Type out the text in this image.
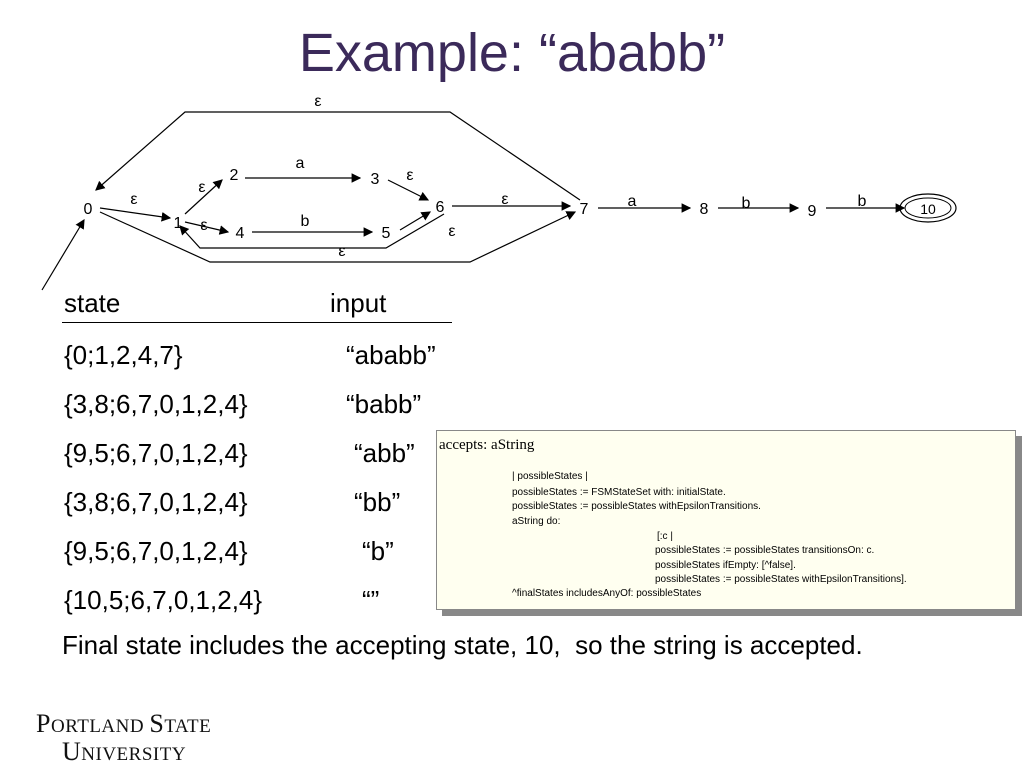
Example: “ababb”
0
1
2	3
4	5
6	7	8	9	10
ε
ε
ε
ε
a
b
ε
ε
ε
ε	a	b	b
state	input
{0;1,2,4,7}	“ababb”
{3,8;6,7,0,1,2,4}	“babb”
{9,5;6,7,0,1,2,4}	“abb”
{3,8;6,7,0,1,2,4}	“bb”
{9,5;6,7,0,1,2,4}	“b”
{10,5;6,7,0,1,2,4}	“”
accepts: aString
| possibleStates |
possibleStates := FSMStateSet with: initialState.
possibleStates := possibleStates withEpsilonTransitions.
aString do:
[:c |
possibleStates := possibleStates transitionsOn: c.
possibleStates ifEmpty: [^false].
possibleStates := possibleStates withEpsilonTransitions].
^finalStates includesAnyOf: possibleStates
Final state includes the accepting state, 10,  so the string is accepted.
PORTLAND STATE
UNIVERSITY
